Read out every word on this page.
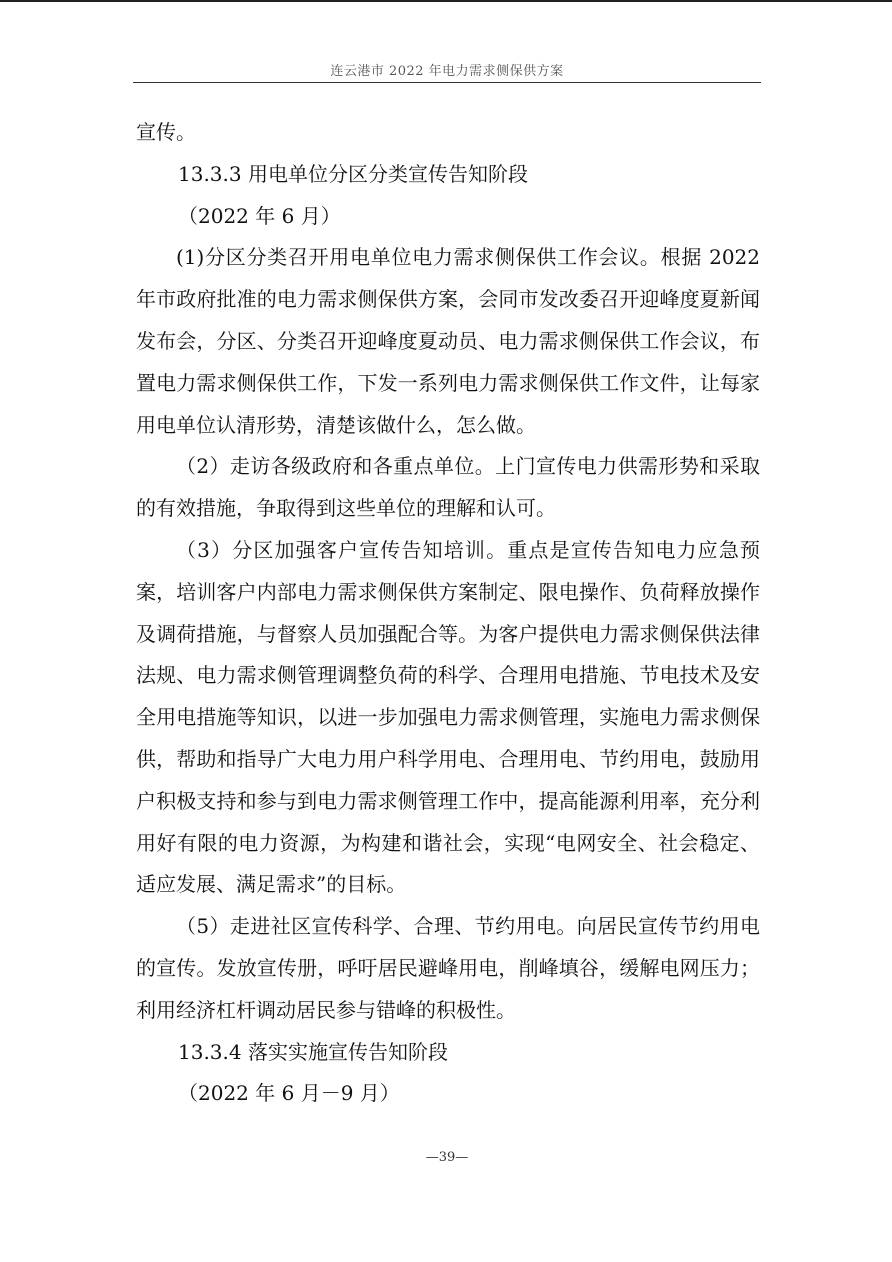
连云港市 2022 年电力需求侧保供方案

宣传。

13.3.3 用电单位分区分类宣传告知阶段

（2022 年 6 月）

(1)分区分类召开用电单位电力需求侧保供工作会议。根据 2022 年市政府批准的电力需求侧保供方案，会同市发改委召开迎峰度夏新闻发布会，分区、分类召开迎峰度夏动员、电力需求侧保供工作会议，布置电力需求侧保供工作，下发一系列电力需求侧保供工作文件，让每家用电单位认清形势，清楚该做什么，怎么做。

（2）走访各级政府和各重点单位。上门宣传电力供需形势和采取的有效措施，争取得到这些单位的理解和认可。

（3）分区加强客户宣传告知培训。重点是宣传告知电力应急预案，培训客户内部电力需求侧保供方案制定、限电操作、负荷释放操作及调荷措施，与督察人员加强配合等。为客户提供电力需求侧保供法律法规、电力需求侧管理调整负荷的科学、合理用电措施、节电技术及安全用电措施等知识，以进一步加强电力需求侧管理，实施电力需求侧保供，帮助和指导广大电力用户科学用电、合理用电、节约用电，鼓励用户积极支持和参与到电力需求侧管理工作中，提高能源利用率，充分利用好有限的电力资源，为构建和谐社会，实现“电网安全、社会稳定、适应发展、满足需求”的目标。

（5）走进社区宣传科学、合理、节约用电。向居民宣传节约用电的宣传。发放宣传册，呼吁居民避峰用电，削峰填谷，缓解电网压力；利用经济杠杆调动居民参与错峰的积极性。

13.3.4 落实实施宣传告知阶段

（2022 年 6 月－9 月）

—39—
